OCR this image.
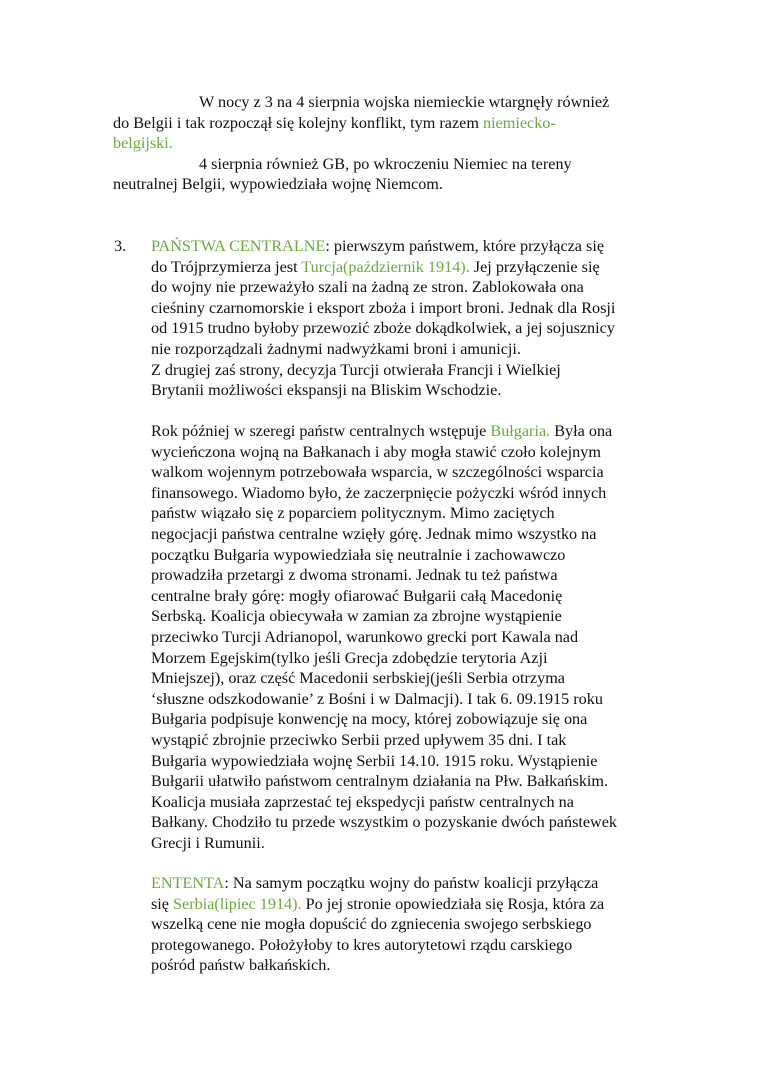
W nocy z 3 na 4 sierpnia wojska niemieckie wtargnęły również
do Belgii i tak rozpoczął się kolejny konflikt, tym razem niemiecko-
belgijski.
4 sierpnia również GB, po wkroczeniu Niemiec na tereny
neutralnej Belgii, wypowiedziała wojnę Niemcom.
3. PAŃSTWA CENTRALNE: pierwszym państwem, które przyłącza się
do Trójprzymierza jest Turcja(październik 1914). Jej przyłączenie się
do wojny nie przeważyło szali na żadną ze stron. Zablokowała ona
cieśniny czarnomorskie i eksport zboża i import broni. Jednak dla Rosji
od 1915 trudno byłoby przewozić zboże dokądkolwiek, a jej sojusznicy
nie rozporządzali żadnymi nadwyżkami broni i amunicji.
Z drugiej zaś strony, decyzja Turcji otwierała Francji i Wielkiej
Brytanii możliwości ekspansji na Bliskim Wschodzie.
Rok później w szeregi państw centralnych wstępuje Bułgaria. Była ona
wycieńczona wojną na Bałkanach i aby mogła stawić czoło kolejnym
walkom wojennym potrzebowała wsparcia, w szczególności wsparcia
finansowego. Wiadomo było, że zaczerpnięcie pożyczki wśród innych
państw wiązało się z poparciem politycznym. Mimo zaciętych
negocjacji państwa centralne wzięły górę. Jednak mimo wszystko na
początku Bułgaria wypowiedziała się neutralnie i zachowawczo
prowadziła przetargi z dwoma stronami. Jednak tu też państwa
centralne brały górę: mogły ofiarować Bułgarii całą Macedonię
Serbską. Koalicja obiecywała w zamian za zbrojne wystąpienie
przeciwko Turcji Adrianopol, warunkowo grecki port Kawala nad
Morzem Egejskim(tylko jeśli Grecja zdobędzie terytoria Azji
Mniejszej), oraz część Macedonii serbskiej(jeśli Serbia otrzyma
‘słuszne odszkodowanie’ z Bośni i w Dalmacji). I tak 6. 09.1915 roku
Bułgaria podpisuje konwencję na mocy, której zobowiązuje się ona
wystąpić zbrojnie przeciwko Serbii przed upływem 35 dni. I tak
Bułgaria wypowiedziała wojnę Serbii 14.10. 1915 roku. Wystąpienie
Bułgarii ułatwiło państwom centralnym działania na Płw. Bałkańskim.
Koalicja musiała zaprzestać tej ekspedycji państw centralnych na
Bałkany. Chodziło tu przede wszystkim o pozyskanie dwóch państewek
Grecji i Rumunii.
ENTENTA: Na samym początku wojny do państw koalicji przyłącza
się Serbia(lipiec 1914). Po jej stronie opowiedziała się Rosja, która za
wszelką cene nie mogła dopuścić do zgniecenia swojego serbskiego
protegowanego. Położyłoby to kres autorytetowi rządu carskiego
pośród państw bałkańskich.
